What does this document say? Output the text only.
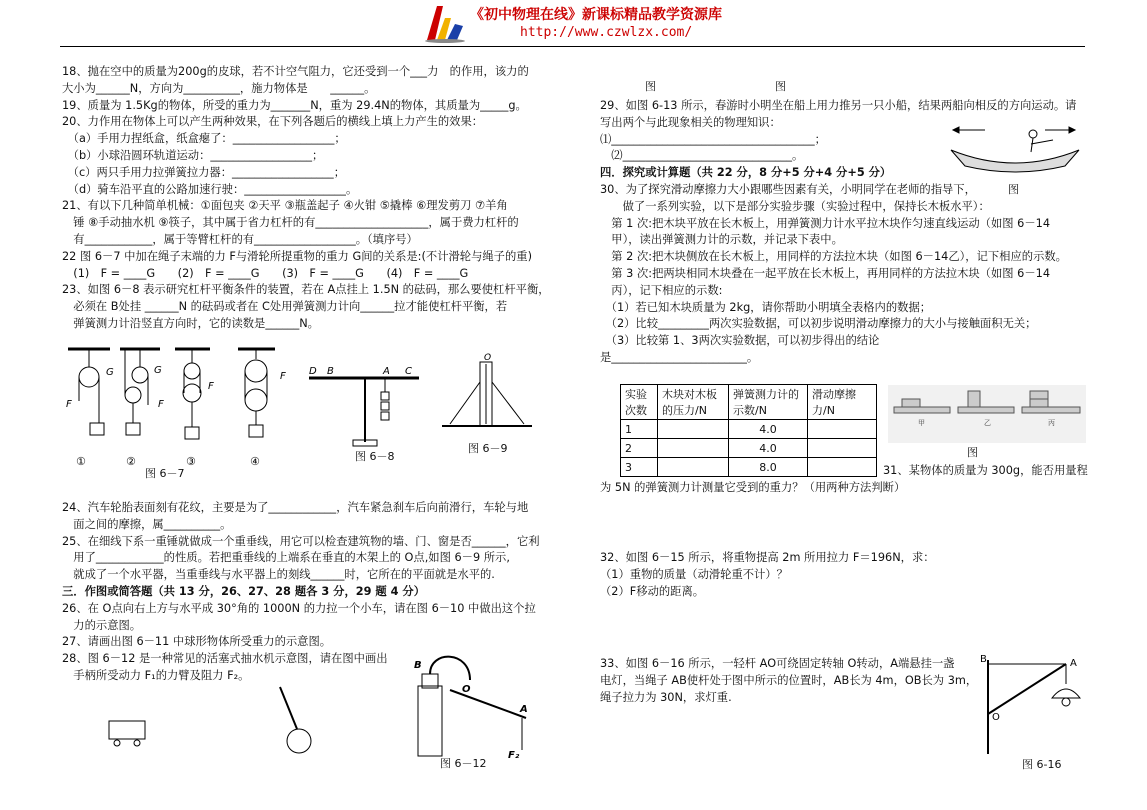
《初中物理在线》新课标精品教学资源库
http://www.czwlzx.com/

18、抛在空中的质量为200g的皮球，若不计空气阻力，它还受到一个___力　的作用，该力的

大小为______N，方向为__________，施力物体是　　______。

19、质量为 1.5Kg的物体，所受的重力为_______N，重为 29.4N的物体，其质量为_____g。

20、力作用在物体上可以产生两种效果，在下列各题后的横线上填上力产生的效果：

　（a）手用力捏纸盒，纸盒瘪了：__________________；

　（b）小球沿圆环轨道运动：__________________；

　（c）两只手用力拉弹簧拉力器：__________________；

　（d）骑车沿平直的公路加速行驶：__________________。

21、有以下几种简单机械：①面包夹 ②天平 ③瓶盖起子 ④火钳 ⑤撬棒 ⑥理发剪刀 ⑦羊角

　锤 ⑧手动抽水机 ⑨筷子，其中属于省力杠杆的有____________________，属于费力杠杆的

　有____________，属于等臂杠杆的有__________________。（填序号）

22 图 6－7 中加在绳子末端的力 F与滑轮所提重物的重力 G间的关系是:(不计滑轮与绳子的重)

　(1)　F = ____G　　(2)　F = ____G　　(3)　F = ____G　　(4)　F = ____G

23、如图 6－8 表示研究杠杆平衡条件的装置，若在 A点挂上 1.5N 的砝码，那么要使杠杆平衡，

　必须在 B处挂 ______N 的砝码或者在 C处用弹簧测力计向______拉才能使杠杆平衡，若

　弹簧测力计沿竖直方向时，它的读数是______N。

F
G
F
G
F
F
①	②	③	④
图 6－7
D B	A C
图 6－8
O
图 6－9

24、汽车轮胎表面刻有花纹，主要是为了____________，汽车紧急刹车后向前滑行，车轮与地

　面之间的摩擦，属__________。

25、在细线下系一重锤就做成一个重垂线，用它可以检查建筑物的墙、门、窗是否______，它利

　用了____________的性质。若把重垂线的上端系在垂直的木架上的 O点,如图 6－9 所示,

　就成了一个水平器，当重垂线与水平器上的刻线______时，它所在的平面就是水平的.

三．作图或简答题（共 13 分，26、27、28 题各 3 分，29 题 4 分）

26、在 O点向右上方与水平成 30°角的 1000N 的力拉一个小车，请在图 6－10 中做出这个拉

　力的示意图。

27、请画出图 6－11 中球形物体所受重力的示意图。

28、图 6－12 是一种常见的活塞式抽水机示意图，请在图中画出

　手柄所受动力 F₁的力臂及阻力 F₂。

B
O
A
F₂
图 6－12
图	图

29、如图 6-13 所示，春游时小明坐在船上用力推另一只小船，结果两船向相反的方向运动。请

写出两个与此现象相关的物理知识：

⑴____________________________________；

　⑵______________________________。

四．探究或计算题（共 22 分，8 分+5 分+4 分+5 分）

30、为了探究滑动摩擦力大小跟哪些因素有关，小明同学在老师的指导下，

　　做了一系列实验，以下是部分实验步骤（实验过程中，保持长木板水平）：

　第 1 次:把木块平放在长木板上，用弹簧测力计水平拉木块作匀速直线运动（如图 6－14

　甲），读出弹簧测力计的示数，并记录下表中。

　第 2 次:把木块侧放在长木板上，用同样的方法拉木块（如图 6－14乙），记下相应的示数。

　第 3 次:把两块相同木块叠在一起平放在长木板上，再用同样的方法拉木块（如图 6－14

　丙），记下相应的示数:

　（1）若已知木块质量为 2kg，请你帮助小明填全表格内的数据；

　（2）比较_________两次实验数据，可以初步说明滑动摩擦力的大小与接触面积无关；

　（3）比较第 1、3两次实验数据，可以初步得出的结论

是________________________。

图
实验次数	木块对木板的压力/N	弹簧测力计的示数/N	滑动摩擦力/N
1		4.0	
2		4.0	
3		8.0	
甲	乙	丙
图

31、某物体的质量为 300g，能否用量程

为 5N 的弹簧测力计测量它受到的重力？（用两种方法判断）

32、如图 6－15 所示，将重物提高 2m 所用拉力 F＝196N，求：

（1）重物的质量（动滑轮重不计）？

（2）F移动的距离。

33、如图 6－16 所示，一轻杆 AO可绕固定转轴 O转动，A端悬挂一盏

电灯，当绳子 AB使杆处于图中所示的位置时，AB长为 4m，OB长为 3m，

绳子拉力为 30N，求灯重.

B	A
O
图 6-16
